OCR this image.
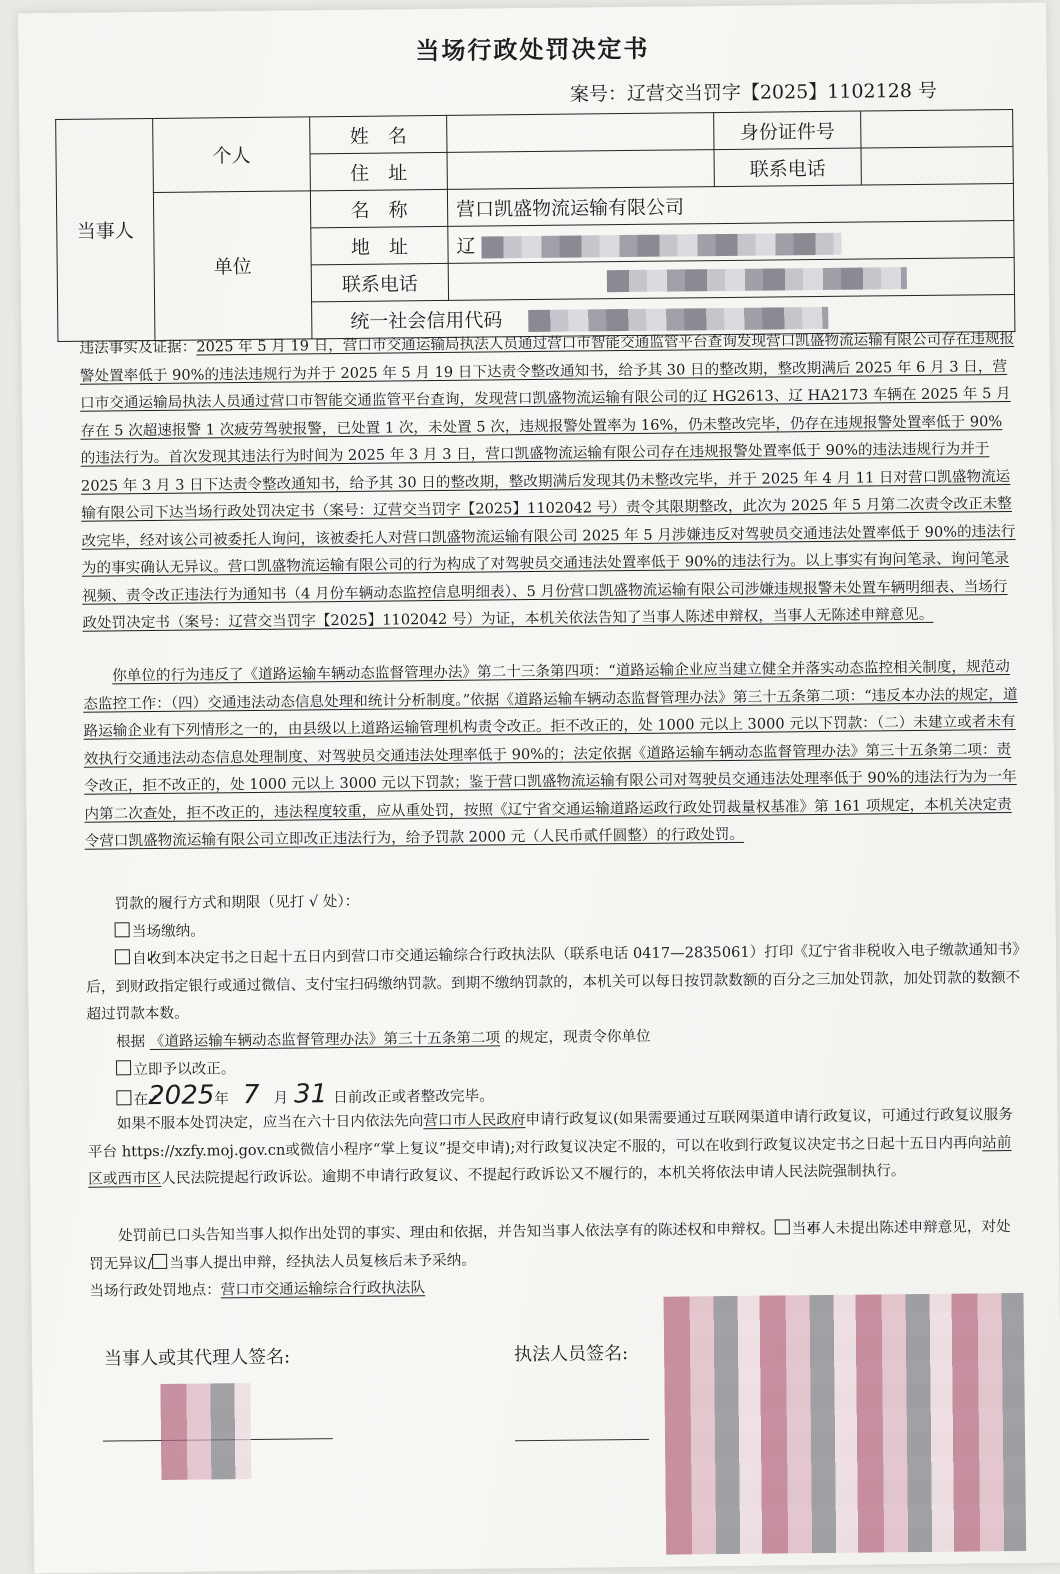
当场行政处罚决定书
案号：辽营交当罚字【2025】1102128 号
当事人	个人	姓　名		身份证件号	
		住　址		联系电话	
	单位	名　称	营口凯盛物流运输有限公司		
		地　址	辽		
		联系电话			
		统一社会信用代码			

违法事实及证据：2025 年 5 月 19 日，营口市交通运输局执法人员通过营口市智能交通监管平台查询发现营口凯盛物流运输有限公司存在违规报警处置率低于 90%的违法违规行为并于 2025 年 5 月 19 日下达责令整改通知书，给予其 30 日的整改期，整改期满后 2025 年 6 月 3 日，营口市交通运输局执法人员通过营口市智能交通监管平台查询，发现营口凯盛物流运输有限公司的辽 HG2613、辽 HA2173 车辆在 2025 年 5 月存在 5 次超速报警 1 次疲劳驾驶报警，已处置 1 次，未处置 5 次，违规报警处置率为 16%，仍未整改完毕，仍存在违规报警处置率低于 90%的违法行为。首次发现其违法行为时间为 2025 年 3 月 3 日，营口凯盛物流运输有限公司存在违规报警处置率低于 90%的违法违规行为并于 2025 年 3 月 3 日下达责令整改通知书，给予其 30 日的整改期，整改期满后发现其仍未整改完毕，并于 2025 年 4 月 11 日对营口凯盛物流运输有限公司下达当场行政处罚决定书（案号：辽营交当罚字【2025】1102042 号）责令其限期整改，此次为 2025 年 5 月第二次责令改正未整改完毕，经对该公司被委托人询问，该被委托人对营口凯盛物流运输有限公司 2025 年 5 月涉嫌违反对驾驶员交通违法处置率低于 90%的违法行为的事实确认无异议。营口凯盛物流运输有限公司的行为构成了对驾驶员交通违法处置率低于 90%的违法行为。以上事实有询问笔录、询问笔录视频、责令改正违法行为通知书（4 月份车辆动态监控信息明细表）、5 月份营口凯盛物流运输有限公司涉嫌违规报警未处置车辆明细表、当场行政处罚决定书（案号：辽营交当罚字【2025】1102042 号）为证，本机关依法告知了当事人陈述申辩权，当事人无陈述申辩意见。

你单位的行为违反了《道路运输车辆动态监督管理办法》第二十三条第四项：“道路运输企业应当建立健全并落实动态监控相关制度，规范动态监控工作：（四）交通违法动态信息处理和统计分析制度。”依据《道路运输车辆动态监督管理办法》第三十五条第二项：“违反本办法的规定，道路运输企业有下列情形之一的，由县级以上道路运输管理机构责令改正。拒不改正的，处 1000 元以上 3000 元以下罚款：（二）未建立或者未有效执行交通违法动态信息处理制度、对驾驶员交通违法处理率低于 90%的；法定依据《道路运输车辆动态监督管理办法》第三十五条第二项：责令改正，拒不改正的，处 1000 元以上 3000 元以下罚款；鉴于营口凯盛物流运输有限公司对驾驶员交通违法处理率低于 90%的违法行为为一年内第二次查处，拒不改正的，违法程度较重，应从重处罚，按照《辽宁省交通运输道路运政行政处罚裁量权基准》第 161 项规定，本机关决定责令营口凯盛物流运输有限公司立即改正违法行为，给予罚款 2000 元（人民币贰仟圆整）的行政处罚。

罚款的履行方式和期限（见打 √ 处）：

当场缴纳。

✓自收到本决定书之日起十五日内到营口市交通运输综合行政执法队（联系电话 0417—2835061）打印《辽宁省非税收入电子缴款通知书》后，到财政指定银行或通过微信、支付宝扫码缴纳罚款。到期不缴纳罚款的，本机关可以每日按罚款数额的百分之三加处罚款，加处罚款的数额不超过罚款本数。

根据 《道路运输车辆动态监督管理办法》第三十五条第二项 的规定，现责令你单位

立即予以改正。

✓在2025年 7 月 31 日前改正或者整改完毕。

如果不服本处罚决定，应当在六十日内依法先向营口市人民政府申请行政复议(如果需要通过互联网渠道申请行政复议，可通过行政复议服务平台 https://xzfy.moj.gov.cn或微信小程序“掌上复议”提交申请);对行政复议决定不服的，可以在收到行政复议决定书之日起十五日内再向站前区或西市区人民法院提起行政诉讼。逾期不申请行政复议、不提起行政诉讼又不履行的，本机关将依法申请人民法院强制执行。

处罚前已口头告知当事人拟作出处罚的事实、理由和依据，并告知当事人依法享有的陈述权和申辩权。 ✓ 当事人未提出陈述申辩意见，对处罚无异议/ 当事人提出申辩，经执法人员复核后未予采纳。

当场行政处罚地点：营口市交通运输综合行政执法队

当事人或其代理人签名:	执法人员签名:
